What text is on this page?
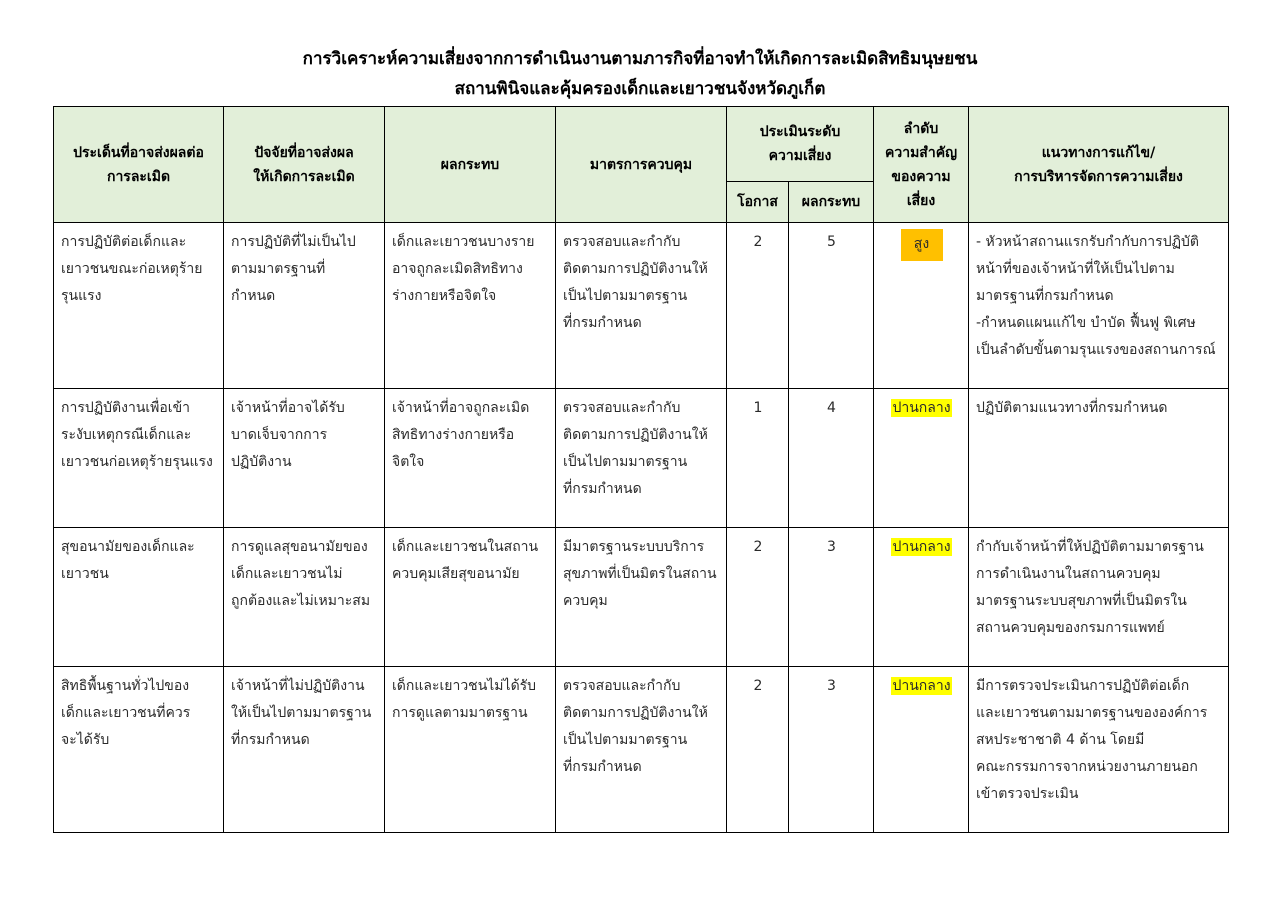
การวิเคราะห์ความเสี่ยงจากการดำเนินงานตามภารกิจที่อาจทำให้เกิดการละเมิดสิทธิมนุษยชน
สถานพินิจและคุ้มครองเด็กและเยาวชนจังหวัดภูเก็ต
ประเด็นที่อาจส่งผลต่อ
การละเมิด	ปัจจัยที่อาจส่งผล
ให้เกิดการละเมิด	ผลกระทบ	มาตรการควบคุม	ประเมินระดับ
ความเสี่ยง		ลำดับ
ความสำคัญ
ของความ
เสี่ยง	แนวทางการแก้ไข/
การบริหารจัดการความเสี่ยง

				โอกาส	ผลกระทบ		

การปฏิบัติต่อเด็กและ
เยาวชนขณะก่อเหตุร้าย
รุนแรง	การปฏิบัติที่ไม่เป็นไป
ตามมาตรฐานที่
กำหนด	เด็กและเยาวชนบางราย
อาจถูกละเมิดสิทธิทาง
ร่างกายหรือจิตใจ	ตรวจสอบและกำกับ
ติดตามการปฏิบัติงานให้
เป็นไปตามมาตรฐาน
ที่กรมกำหนด	2	5	สูง	- หัวหน้าสถานแรกรับกำกับการปฏิบัติ
หน้าที่ของเจ้าหน้าที่ให้เป็นไปตาม
มาตรฐานที่กรมกำหนด
-กำหนดแผนแก้ไข บำบัด ฟื้นฟู พิเศษ
เป็นลำดับขั้นตามรุนแรงของสถานการณ์

การปฏิบัติงานเพื่อเข้า
ระงับเหตุกรณีเด็กและ
เยาวชนก่อเหตุร้ายรุนแรง	เจ้าหน้าที่อาจได้รับ
บาดเจ็บจากการ
ปฏิบัติงาน	เจ้าหน้าที่อาจถูกละเมิด
สิทธิทางร่างกายหรือ
จิตใจ	ตรวจสอบและกำกับ
ติดตามการปฏิบัติงานให้
เป็นไปตามมาตรฐาน
ที่กรมกำหนด	1	4	ปานกลาง	ปฏิบัติตามแนวทางที่กรมกำหนด

สุขอนามัยของเด็กและ
เยาวชน	การดูแลสุขอนามัยของ
เด็กและเยาวชนไม่
ถูกต้องและไม่เหมาะสม	เด็กและเยาวชนในสถาน
ควบคุมเสียสุขอนามัย	มีมาตรฐานระบบบริการ
สุขภาพที่เป็นมิตรในสถาน
ควบคุม	2	3	ปานกลาง	กำกับเจ้าหน้าที่ให้ปฏิบัติตามมาตรฐาน
การดำเนินงานในสถานควบคุม
มาตรฐานระบบสุขภาพที่เป็นมิตรใน
สถานควบคุมของกรมการแพทย์

สิทธิพื้นฐานทั่วไปของ
เด็กและเยาวชนที่ควร
จะได้รับ	เจ้าหน้าที่ไม่ปฏิบัติงาน
ให้เป็นไปตามมาตรฐาน
ที่กรมกำหนด	เด็กและเยาวชนไม่ได้รับ
การดูแลตามมาตรฐาน	ตรวจสอบและกำกับ
ติดตามการปฏิบัติงานให้
เป็นไปตามมาตรฐาน
ที่กรมกำหนด	2	3	ปานกลาง	มีการตรวจประเมินการปฏิบัติต่อเด็ก
และเยาวชนตามมาตรฐานขององค์การ
สหประชาชาติ 4 ด้าน โดยมี
คณะกรรมการจากหน่วยงานภายนอก
เข้าตรวจประเมิน
